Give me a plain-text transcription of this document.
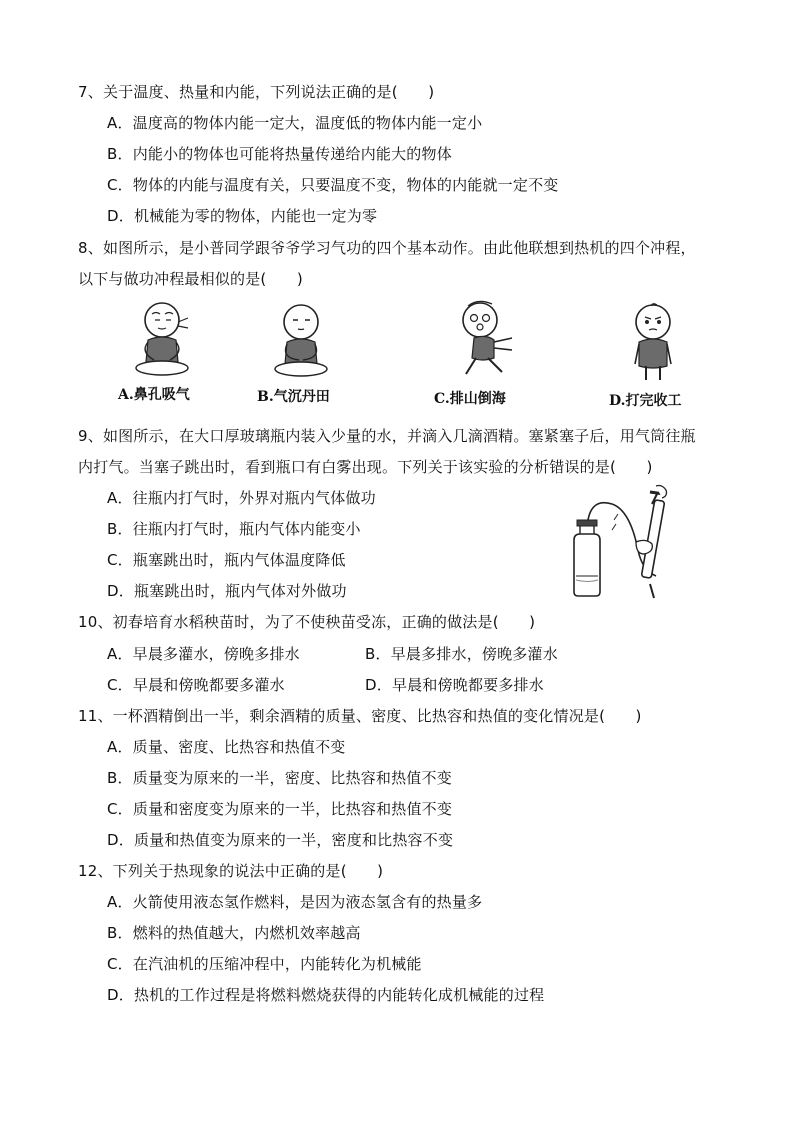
7、关于温度、热量和内能，下列说法正确的是(　　)
A．温度高的物体内能一定大，温度低的物体内能一定小
B．内能小的物体也可能将热量传递给内能大的物体
C．物体的内能与温度有关，只要温度不变，物体的内能就一定不变
D．机械能为零的物体，内能也一定为零
8、如图所示，是小普同学跟爷爷学习气功的四个基本动作。由此他联想到热机的四个冲程，
以下与做功冲程最相似的是(　　)
A.鼻孔吸气	B.气沉丹田	C.排山倒海	D.打完收工
9、如图所示，在大口厚玻璃瓶内装入少量的水，并滴入几滴酒精。塞紧塞子后，用气筒往瓶
内打气。当塞子跳出时，看到瓶口有白雾出现。下列关于该实验的分析错误的是(　　)
A．往瓶内打气时，外界对瓶内气体做功
B．往瓶内打气时，瓶内气体内能变小
C．瓶塞跳出时，瓶内气体温度降低
D．瓶塞跳出时，瓶内气体对外做功
10、初春培育水稻秧苗时，为了不使秧苗受冻，正确的做法是(　　)
A．早晨多灌水，傍晚多排水	B．早晨多排水，傍晚多灌水
C．早晨和傍晚都要多灌水	D．早晨和傍晚都要多排水
11、一杯酒精倒出一半，剩余酒精的质量、密度、比热容和热值的变化情况是(　　)
A．质量、密度、比热容和热值不变
B．质量变为原来的一半，密度、比热容和热值不变
C．质量和密度变为原来的一半，比热容和热值不变
D．质量和热值变为原来的一半，密度和比热容不变
12、下列关于热现象的说法中正确的是(　　)
A．火箭使用液态氢作燃料，是因为液态氢含有的热量多
B．燃料的热值越大，内燃机效率越高
C．在汽油机的压缩冲程中，内能转化为机械能
D．热机的工作过程是将燃料燃烧获得的内能转化成机械能的过程
